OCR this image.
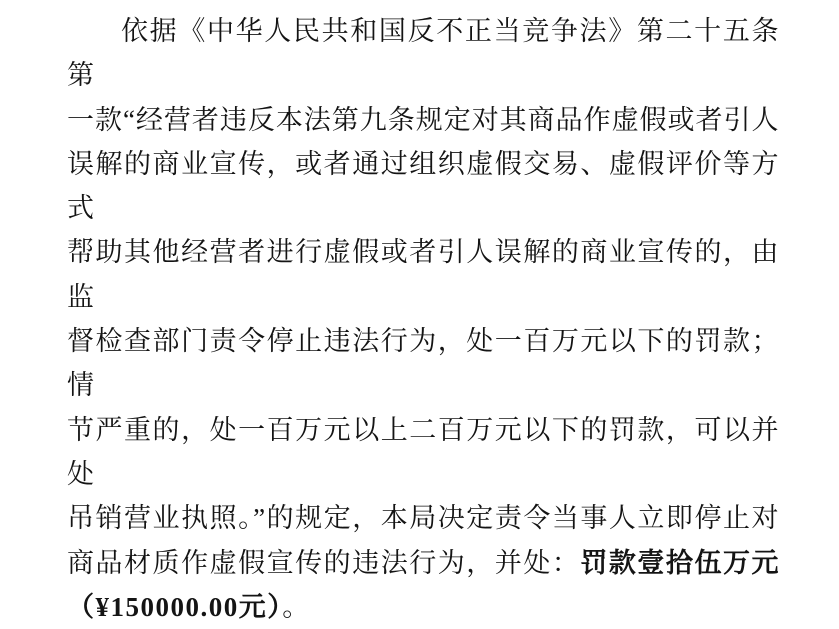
依据《中华人民共和国反不正当竞争法》第二十五条第
一款“经营者违反本法第九条规定对其商品作虚假或者引人
误解的商业宣传，或者通过组织虚假交易、虚假评价等方式
帮助其他经营者进行虚假或者引人误解的商业宣传的，由监
督检查部门责令停止违法行为，处一百万元以下的罚款；情
节严重的，处一百万元以上二百万元以下的罚款，可以并处
吊销营业执照。”的规定，本局决定责令当事人立即停止对
商品材质作虚假宣传的违法行为，并处：罚款壹拾伍万元
（¥150000.00元）。
